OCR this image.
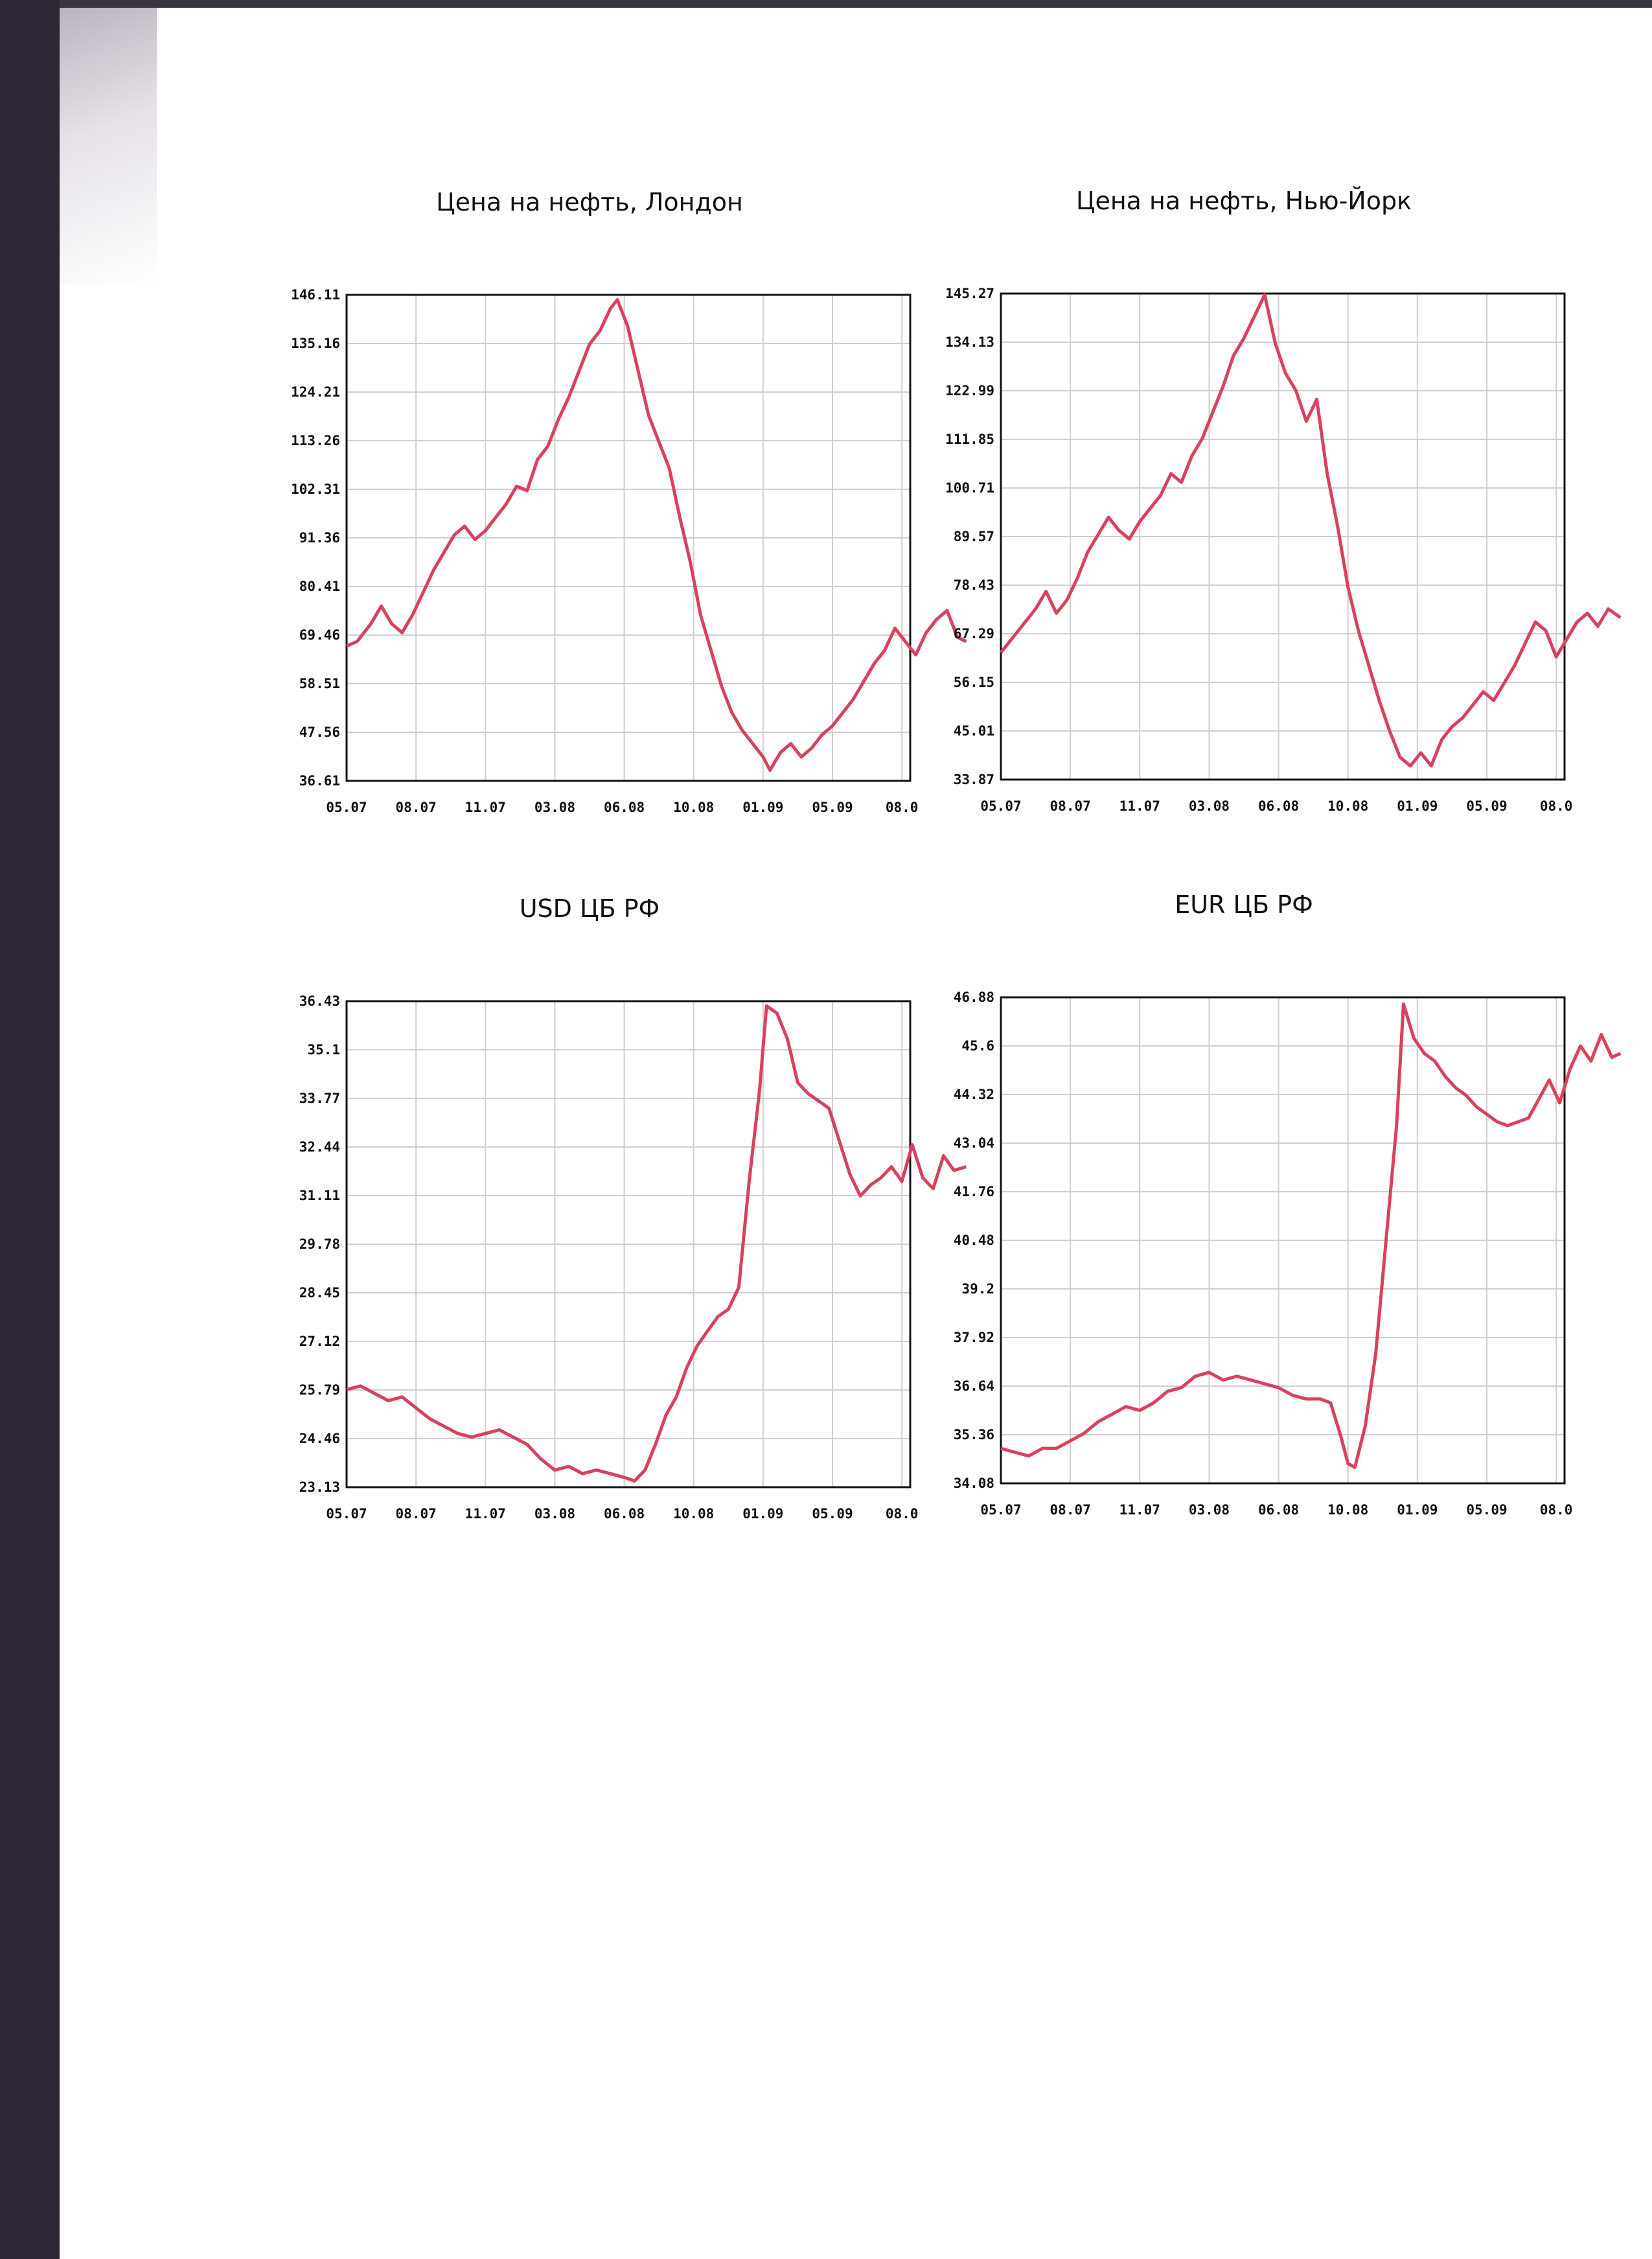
Цена на нефть, Лондон
146.11
135.16
124.21
113.26
102.31
91.36
80.41
69.46
58.51
47.56
36.61
05.07 08.07 11.07 03.08 06.08 10.08 01.09 05.09 08.0
Цена на нефть, Нью-Йорк
145.27
134.13
122.99
111.85
100.71
89.57
78.43
67.29
56.15
45.01
33.87
05.07 08.07 11.07 03.08 06.08 10.08 01.09 05.09 08.0
USD ЦБ РФ
36.43
35.1
33.77
32.44
31.11
29.78
28.45
27.12
25.79
24.46
23.13
05.07 08.07 11.07 03.08 06.08 10.08 01.09 05.09 08.0
EUR ЦБ РФ
46.88
45.6
44.32
43.04
41.76
40.48
39.2
37.92
36.64
35.36
34.08
05.07 08.07 11.07 03.08 06.08 10.08 01.09 05.09 08.0
